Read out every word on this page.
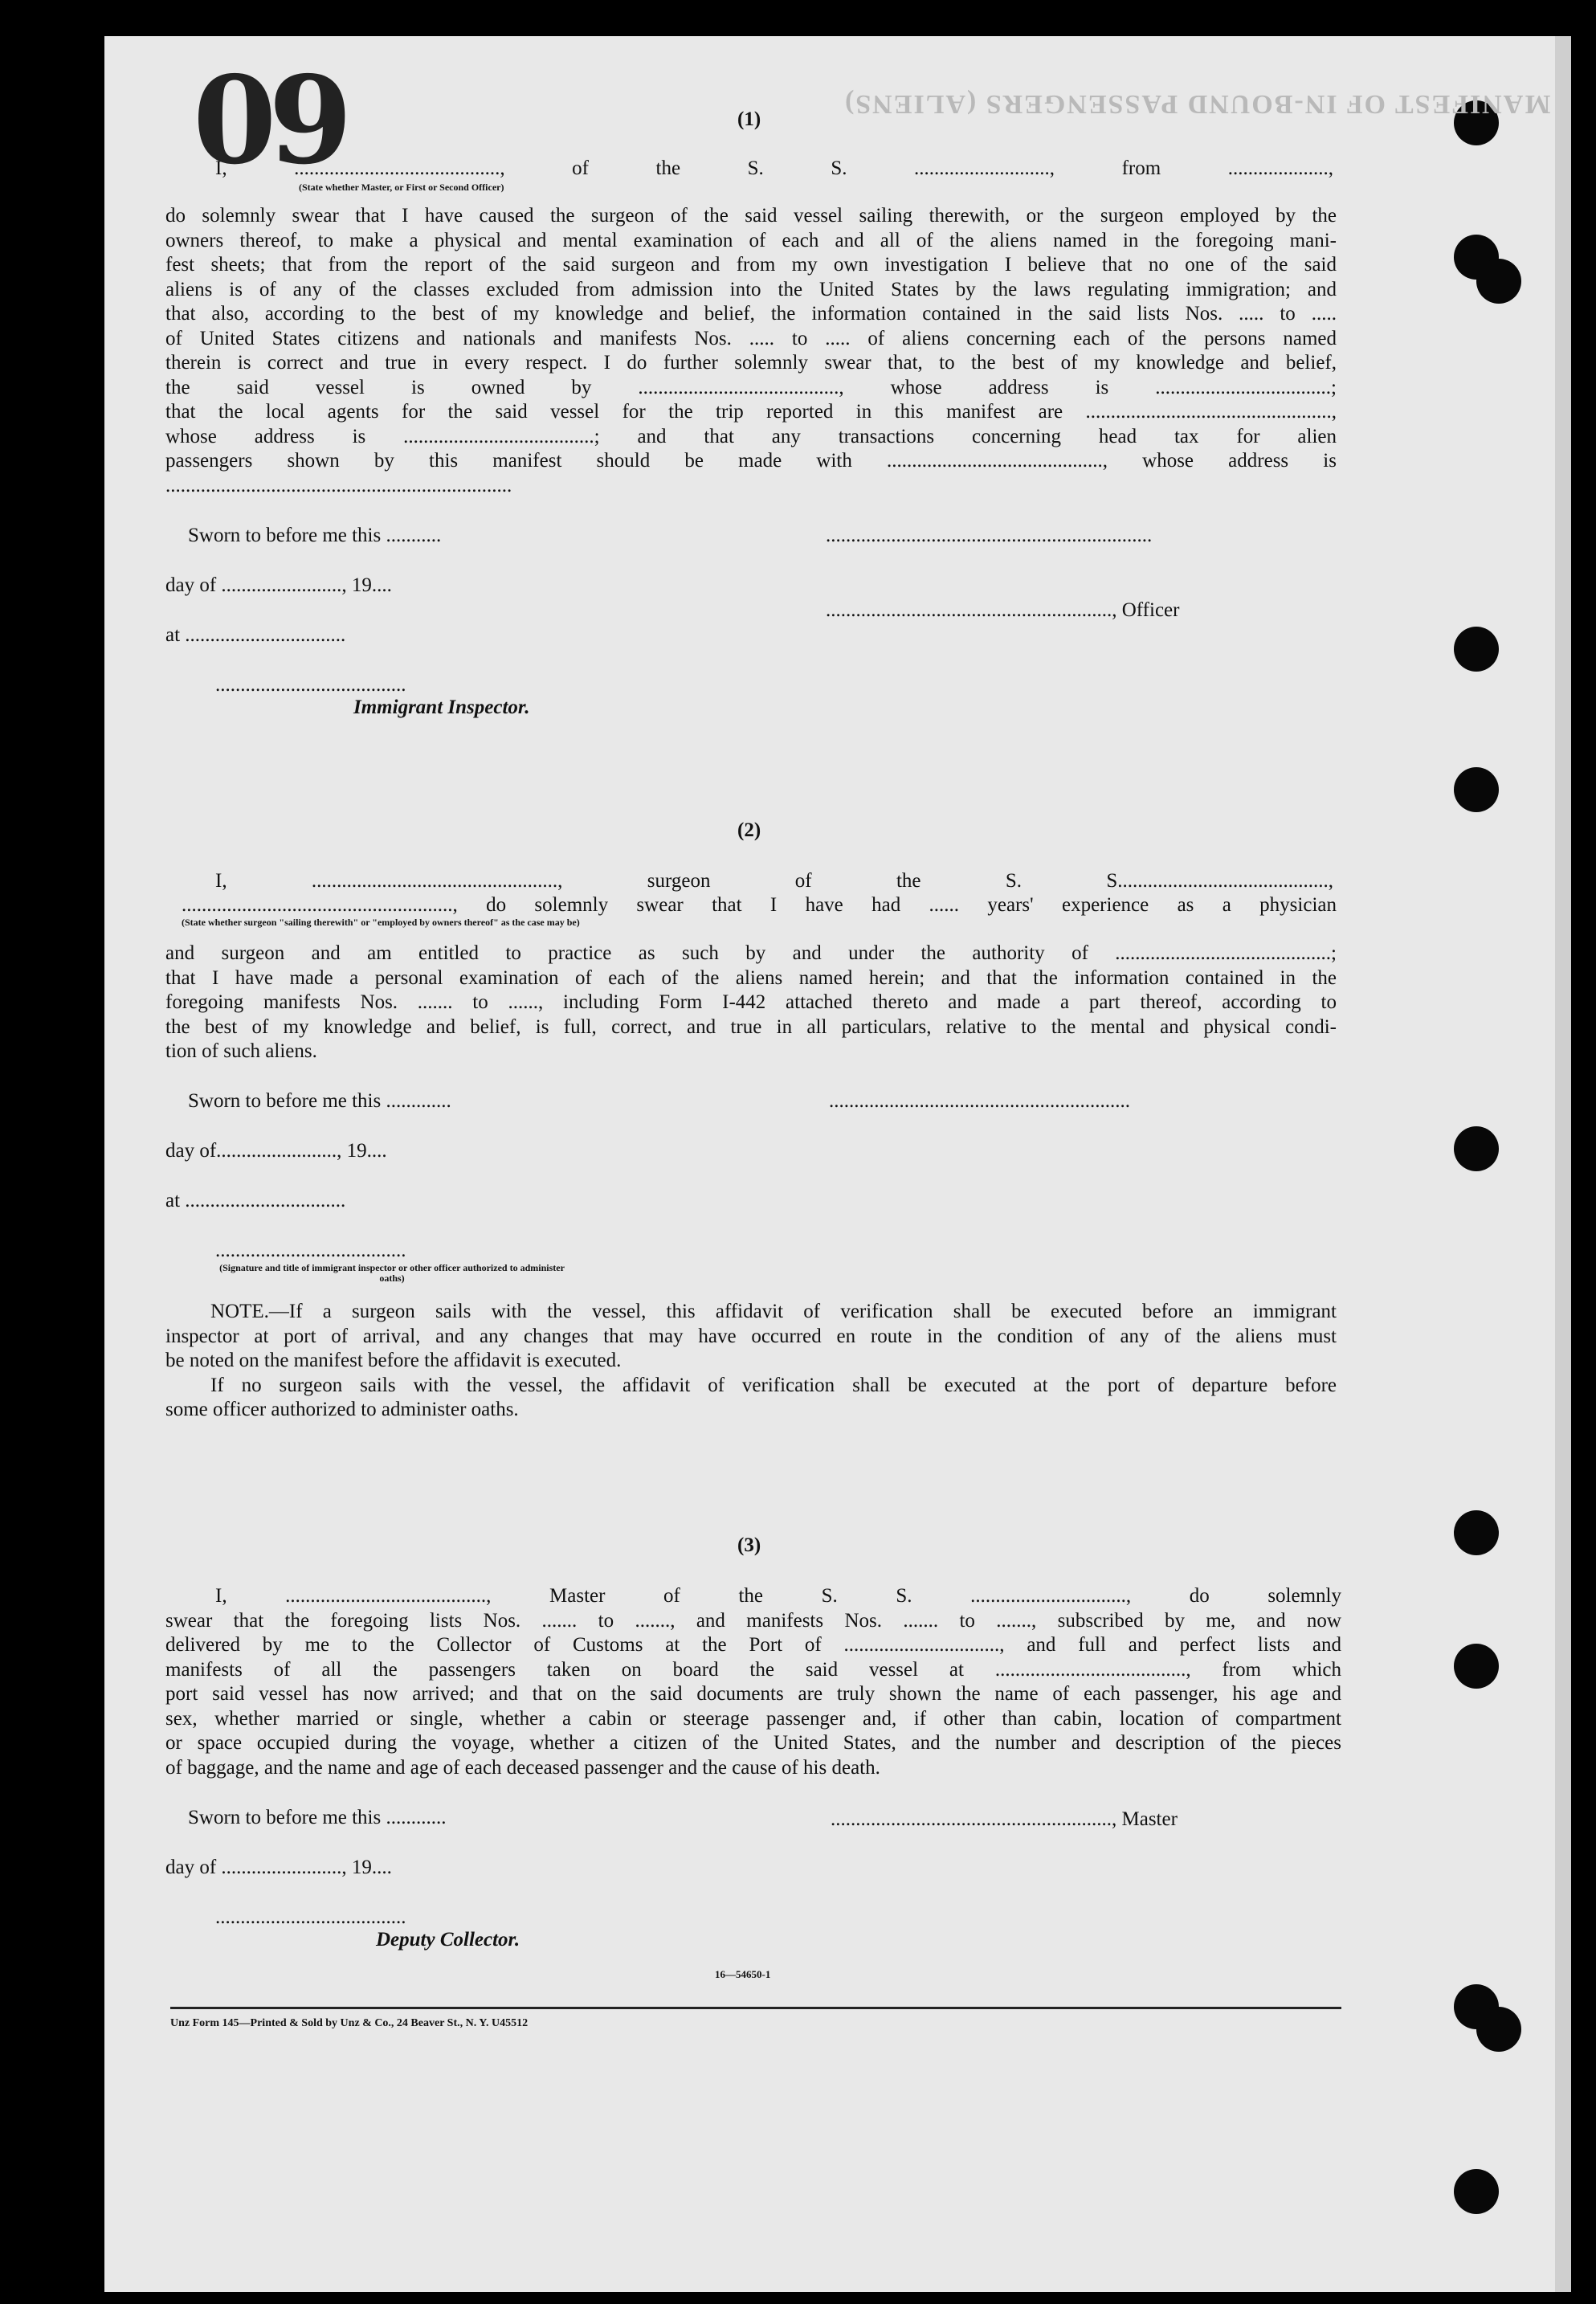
60	MANIFEST OF IN-BOUND PASSENGERS (ALIENS)
(1)

I, ........................................., of the S. S. ..........................., from ....................,

(State whether Master, or First or Second Officer)

do solemnly swear that I have caused the surgeon of the said vessel sailing therewith, or the surgeon employed by the

owners thereof, to make a physical and mental examination of each and all of the aliens named in the foregoing mani-

fest sheets; that from the report of the said surgeon and from my own investigation I believe that no one of the said

aliens is of any of the classes excluded from admission into the United States by the laws regulating immigration; and

that also, according to the best of my knowledge and belief, the information contained in the said lists Nos. ..... to .....

of United States citizens and nationals and manifests Nos. ..... to ..... of aliens concerning each of the persons named

therein is correct and true in every respect. I do further solemnly swear that, to the best of my knowledge and belief,

the said vessel is owned by ........................................, whose address is ...................................;

that the local agents for the said vessel for the trip reported in this manifest are .................................................,

whose address is ......................................; and that any transactions concerning head tax for alien

passengers shown by this manifest should be made with ..........................................., whose address is

.....................................................................

Sworn to before me this ...........

day of ........................, 19....

at ................................

......................................

Immigrant Inspector.

.................................................................

........................................................., Officer

(2)

I, ................................................., surgeon of the S. S..........................................,

......................................................, do solemnly swear that I have had ...... years' experience as a physician

(State whether surgeon "sailing therewith" or "employed by owners thereof" as the case may be)

and surgeon and am entitled to practice as such by and under the authority of ...........................................;

that I have made a personal examination of each of the aliens named herein; and that the information contained in the

foregoing manifests Nos. ....... to ......, including Form I-442 attached thereto and made a part thereof, according to

the best of my knowledge and belief, is full, correct, and true in all particulars, relative to the mental and physical condi-

tion of such aliens.

Sworn to before me this .............

day of........................, 19....

at ................................

......................................

(Signature and title of immigrant inspector or other officer authorized to administer oaths)

............................................................

NOTE.—If a surgeon sails with the vessel, this affidavit of verification shall be executed before an immigrant

inspector at port of arrival, and any changes that may have occurred en route in the condition of any of the aliens must

be noted on the manifest before the affidavit is executed.

If no surgeon sails with the vessel, the affidavit of verification shall be executed at the port of departure before

some officer authorized to administer oaths.

(3)

I, ........................................, Master of the S. S. ..............................., do solemnly

swear that the foregoing lists Nos. ....... to ......., and manifests Nos. ....... to ......., subscribed by me, and now

delivered by me to the Collector of Customs at the Port of ..............................., and full and perfect lists and

manifests of all the passengers taken on board the said vessel at ......................................, from which

port said vessel has now arrived; and that on the said documents are truly shown the name of each passenger, his age and

sex, whether married or single, whether a cabin or steerage passenger and, if other than cabin, location of compartment

or space occupied during the voyage, whether a citizen of the United States, and the number and description of the pieces

of baggage, and the name and age of each deceased passenger and the cause of his death.

Sworn to before me this ............

day of ........................, 19....

......................................

Deputy Collector.

........................................................, Master

16—54650-1
Unz Form 145—Printed & Sold by Unz & Co., 24 Beaver St., N. Y. U45512
